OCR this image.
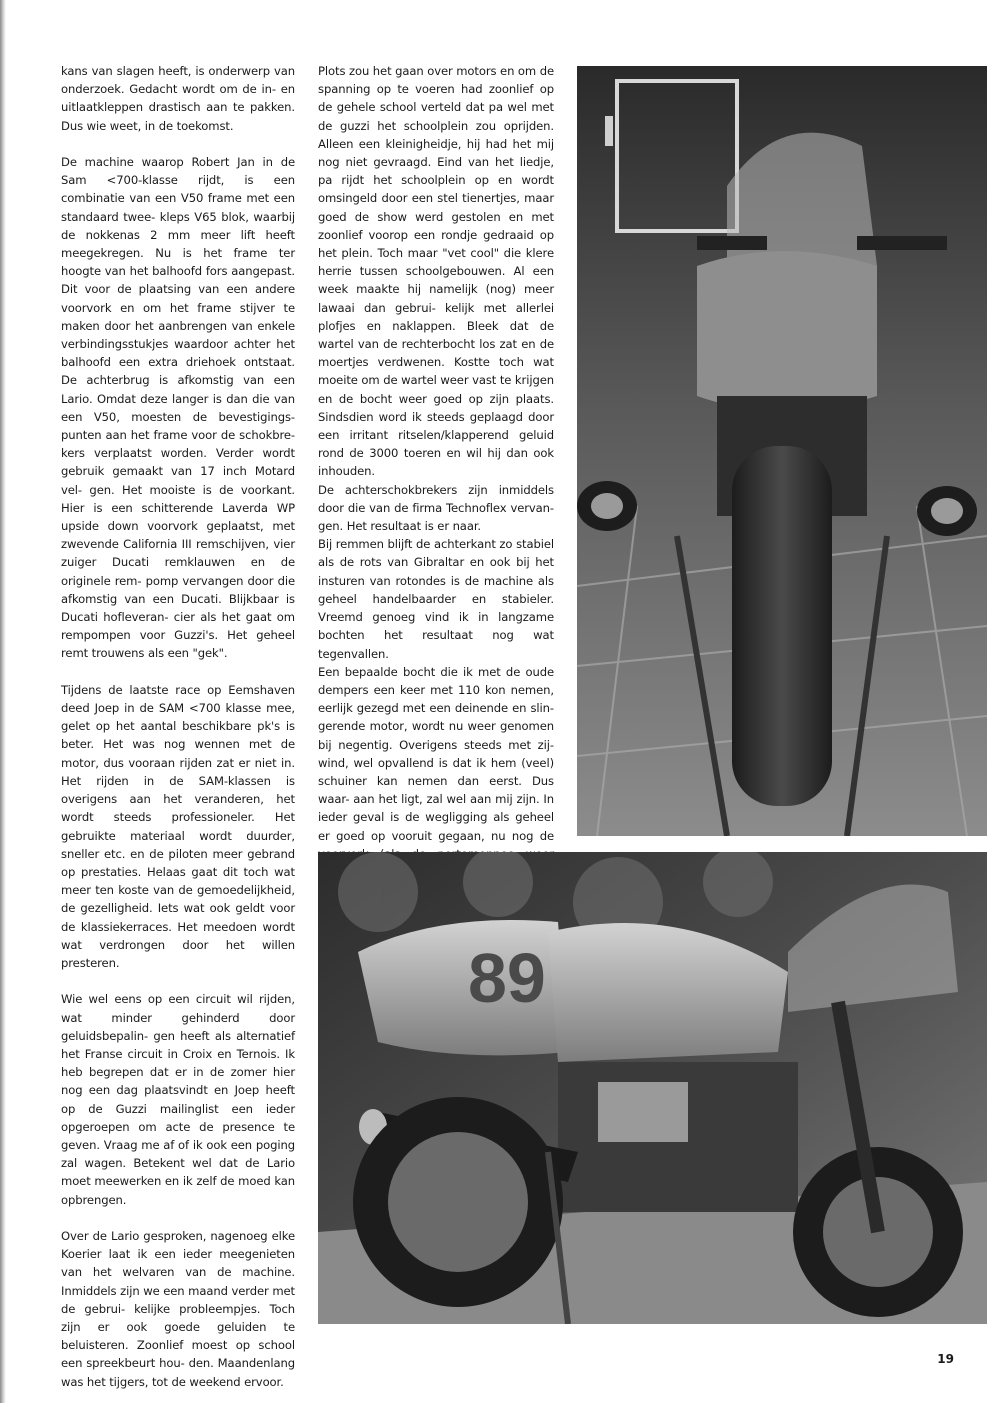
kans van slagen heeft, is onderwerp van onderzoek. Gedacht wordt om de in- en uitlaatkleppen drastisch aan te pakken. Dus wie weet, in de toekomst.

De machine waarop Robert Jan in de Sam <700-klasse rijdt, is een combinatie van een V50 frame met een standaard twee- kleps V65 blok, waarbij de nokkenas 2 mm meer lift heeft meegekregen. Nu is het frame ter hoogte van het balhoofd fors aangepast. Dit voor de plaatsing van een andere voorvork en om het frame stijver te maken door het aanbrengen van enkele verbindingsstukjes waardoor achter het balhoofd een extra driehoek ontstaat. De achterbrug is afkomstig van een Lario. Omdat deze langer is dan die van een V50, moesten de bevestigings- punten aan het frame voor de schokbre- kers verplaatst worden. Verder wordt gebruik gemaakt van 17 inch Motard vel- gen. Het mooiste is de voorkant. Hier is een schitterende Laverda WP upside down voorvork geplaatst, met zwevende California III remschijven, vier zuiger Ducati remklauwen en de originele rem- pomp vervangen door die afkomstig van een Ducati. Blijkbaar is Ducati hofleveran- cier als het gaat om rempompen voor Guzzi's. Het geheel remt trouwens als een "gek".

Tijdens de laatste race op Eemshaven deed Joep in de SAM <700 klasse mee, gelet op het aantal beschikbare pk's is beter. Het was nog wennen met de motor, dus vooraan rijden zat er niet in. Het rijden in de SAM-klassen is overigens aan het veranderen, het wordt steeds professioneler. Het gebruikte materiaal wordt duurder, sneller etc. en de piloten meer gebrand op prestaties. Helaas gaat dit toch wat meer ten koste van de gemoedelijkheid, de gezelligheid. Iets wat ook geldt voor de klassiekerraces. Het meedoen wordt wat verdrongen door het willen presteren.

Wie wel eens op een circuit wil rijden, wat minder gehinderd door geluidsbepalin- gen heeft als alternatief het Franse circuit in Croix en Ternois. Ik heb begrepen dat er in de zomer hier nog een dag plaatsvindt en Joep heeft op de Guzzi mailinglist een ieder opgeroepen om acte de presence te geven. Vraag me af of ik ook een poging zal wagen. Betekent wel dat de Lario moet meewerken en ik zelf de moed kan opbrengen.

Over de Lario gesproken, nagenoeg elke Koerier laat ik een ieder meegenieten van het welvaren van de machine. Inmiddels zijn we een maand verder met de gebrui- kelijke probleempjes. Toch zijn er ook goede geluiden te beluisteren. Zoonlief moest op school een spreekbeurt hou- den. Maandenlang was het tijgers, tot de weekend ervoor.

Plots zou het gaan over motors en om de spanning op te voeren had zoonlief op de gehele school verteld dat pa wel met de guzzi het schoolplein zou oprijden. Alleen een kleinigheidje, hij had het mij nog niet gevraagd. Eind van het liedje, pa rijdt het schoolplein op en wordt omsingeld door een stel tienertjes, maar goed de show werd gestolen en met zoonlief voorop een rondje gedraaid op het plein. Toch maar "vet cool" die klere herrie tussen schoolgebouwen. Al een week maakte hij namelijk (nog) meer lawaai dan gebrui- kelijk met allerlei plofjes en naklappen. Bleek dat de wartel van de rechterbocht los zat en de moertjes verdwenen. Kostte toch wat moeite om de wartel weer vast te krijgen en de bocht weer goed op zijn plaats. Sindsdien word ik steeds geplaagd door een irritant ritselen/klapperend geluid rond de 3000 toeren en wil hij dan ook inhouden.

De achterschokbrekers zijn inmiddels door die van de firma Technoflex vervan- gen. Het resultaat is er naar.

Bij remmen blijft de achterkant zo stabiel als de rots van Gibraltar en ook bij het insturen van rotondes is de machine als geheel handelbaarder en stabieler. Vreemd genoeg vind ik in langzame bochten het resultaat nog wat tegenvallen.

Een bepaalde bocht die ik met de oude dempers een keer met 110 kon nemen, eerlijk gezegd met een deinende en slin- gerende motor, wordt nu weer genomen bij negentig. Overigens steeds met zij- wind, wel opvallend is dat ik hem (veel) schuiner kan nemen dan eerst. Dus waar- aan het ligt, zal wel aan mij zijn. In ieder geval is de wegligging als geheel er goed op vooruit gegaan, nu nog de

89
19
